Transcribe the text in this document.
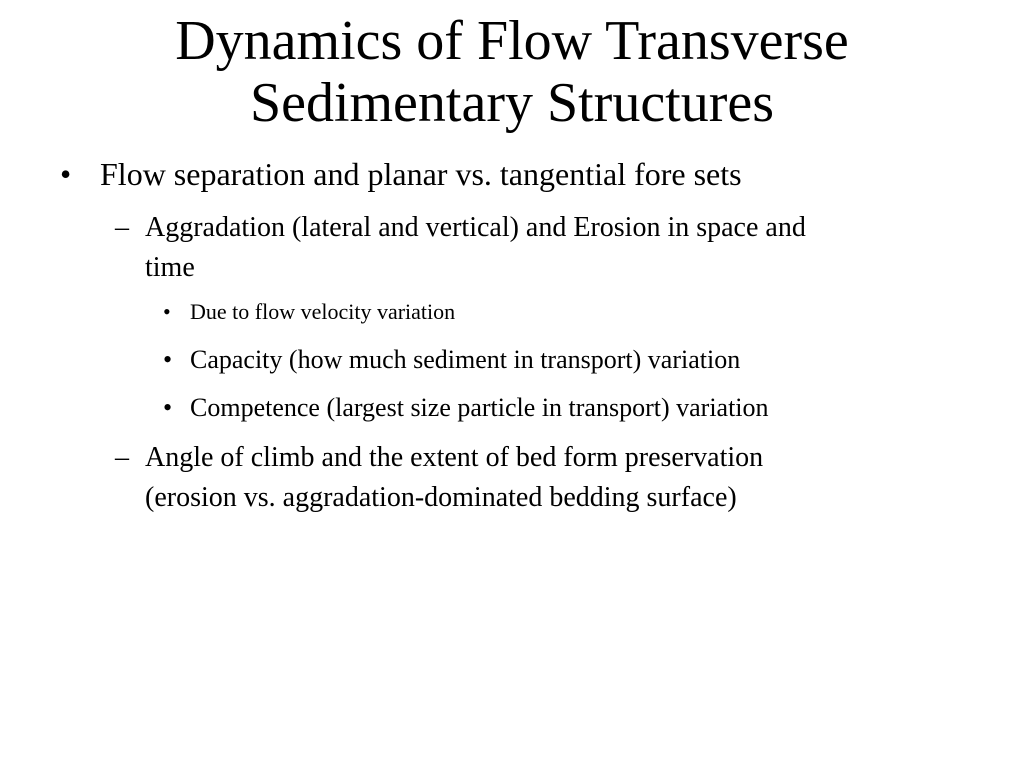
Dynamics of Flow Transverse
Sedimentary Structures
• Flow separation and planar vs. tangential fore sets
– Aggradation (lateral and vertical) and Erosion in space and
time
• Due to flow velocity variation
• Capacity (how much sediment in transport) variation
• Competence (largest size particle in transport) variation
– Angle of climb and the extent of bed form preservation
(erosion vs. aggradation-dominated bedding surface)
